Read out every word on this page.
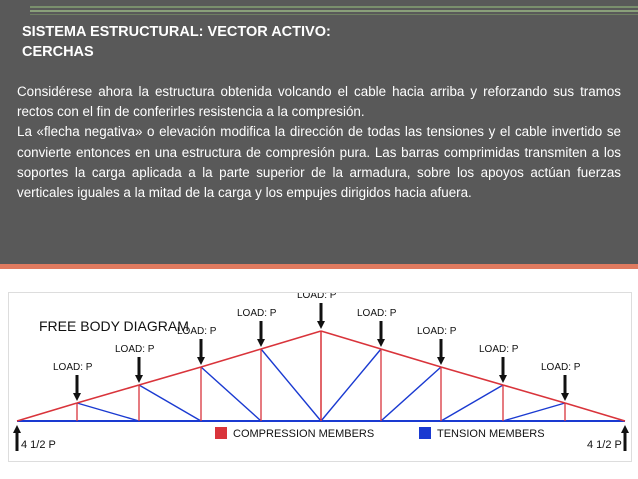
SISTEMA ESTRUCTURAL: VECTOR ACTIVO:
CERCHAS
Considérese ahora la estructura obtenida volcando el cable hacia arriba y reforzando sus tramos rectos con el fin de conferirles resistencia a la compresión.
La «flecha negativa» o elevación modifica la dirección de todas las tensiones y el cable invertido se convierte entonces en una estructura de compresión pura. Las barras comprimidas transmiten a los soportes la carga aplicada a la parte superior de la armadura, sobre los apoyos actúan fuerzas verticales iguales a la mitad de la carga y los empujes dirigidos hacia afuera.
FREE BODY DIAGRAM
LOAD: P
LOAD: P
LOAD: P
LOAD: P
LOAD: P
LOAD: P
LOAD: P
LOAD: P
LOAD: P
4 1/2 P	4 1/2 P
COMPRESSION MEMBERS	TENSION MEMBERS
